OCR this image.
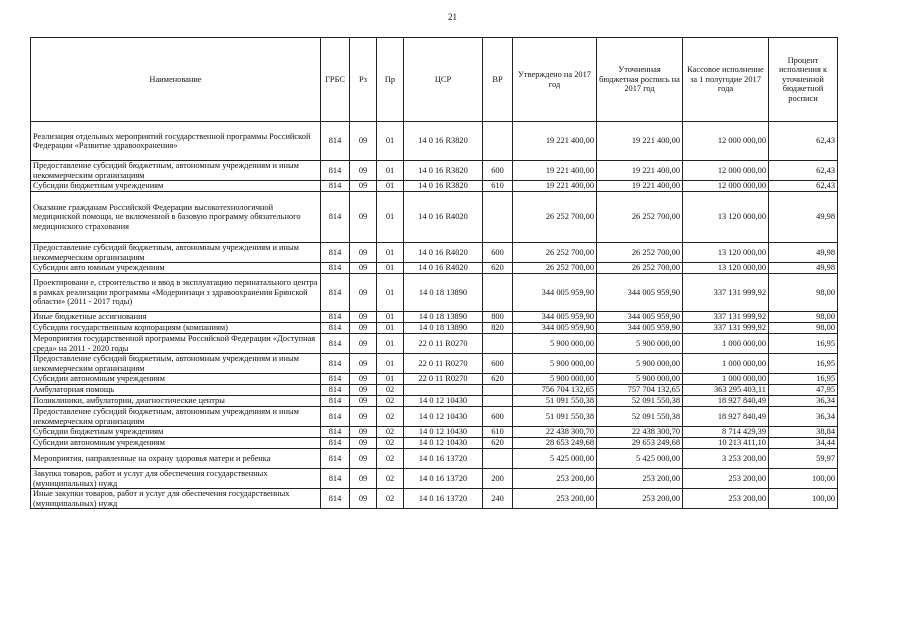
21
Наименование	ГРБС	Рз	Пр	ЦСР	ВР	Утверждено на 2017 год	Уточненная бюджетная роспись на 2017 год	Кассовое исполнение за 1 полугодие 2017 года	Процент исполнения к уточненной бюджетной росписи
Реализация отдельных мероприятий государственной программы Российской Федерации «Развитие здравоохранения»	814	09	01	14 0 16 R3820		19 221 400,00	19 221 400,00	12 000 000,00	62,43
Предоставление субсидий бюджетным, автономным учреждениям и иным некоммерческим организациям	814	09	01	14 0 16 R3820	600	19 221 400,00	19 221 400,00	12 000 000,00	62,43
Субсидии бюджетным учреждениям	814	09	01	14 0 16 R3820	610	19 221 400,00	19 221 400,00	12 000 000,00	62,43
Оказание гражданам Российской Федерации высокотехнологичной медицинской помощи, не включенной в базовую программу обязательного медицинского страхования	814	09	01	14 0 16 R4020		26 252 700,00	26 252 700,00	13 120 000,00	49,98
Предоставление субсидий бюджетным, автономным учреждениям и иным некоммерческим организациям	814	09	01	14 0 16 R4020	600	26 252 700,00	26 252 700,00	13 120 000,00	49,98
Субсидии авто юмным учреждениям	814	09	01	14 0 16 R4020	620	26 252 700,00	26 252 700,00	13 120 000,00	49,98
Проектировани е, строительство и ввод в эксплуатацию перинатального центра в рамках реализации программы «Модернизаци з здравоохранения Брянской области» (2011 - 2017 годы)	814	09	01	14 0 18 13890		344 005 959,90	344 005 959,90	337 131 999,92	98,00
Иные бюджетные ассигнования	814	09	01	14 0 18 13890	800	344 005 959,90	344 005 959,90	337 131 999,92	98,00
Субсидии государственным корпорациям (компаниям)	814	09	01	14 0 18 13890	820	344 005 959,90	344 005 959,90	337 131 999,92	98,00
Мероприятия государственной программы Российской Федерации «Доступная среда» на 2011 - 2020 годы	814	09	01	22 0 11 R0270		5 900 000,00	5 900 000,00	1 000 000,00	16,95
Предоставление субсидий бюджетным, автономным учреждениям и иным некоммерческим организациям	814	09	01	22 0 11 R0270	600	5 900 000,00	5 900 000,00	1 000 000,00	16,95
Субсидии автономным учреждениям	814	09	01	22 0 11 R0270	620	5 900 000,00	5 900 000,00	1 000 000,00	16,95
Амбулаторная помощь	814	09	02			756 704 132,65	757 704 132,65	363 295 403,11	47,95
Поликлиники, амбулатории, диагностические центры	814	09	02	14 0 12 10430		51 091 550,38	52 091 550,38	18 927 840,49	36,34
Предоставление субсидий бюджетным, автономным учреждениям и иным некоммерческим организациям	814	09	02	14 0 12 10430	600	51 091 550,38	52 091 550,38	18 927 840,49	36,34
Субсидии бюджетным учреждениям	814	09	02	14 0 12 10430	610	22 438 300,70	22 438 300,70	8 714 429,39	38,84
Субсидии автономным учреждениям	814	09	02	14 0 12 10430	620	28 653 249,68	29 653 249,68	10 213 411,10	34,44
Мероприятия, направленные на охрану здоровья матери и ребенка	814	09	02	14 0 16 13720		5 425 000,00	5 425 000,00	3 253 200,00	59,97
Закупка товаров, работ и услуг для обеспечения государственных (муниципальных) нужд	814	09	02	14 0 16 13720	200	253 200,00	253 200,00	253 200,00	100,00
Иные закупки товаров, работ и услуг для обеспечения государственных (муниципальных) нужд	814	09	02	14 0 16 13720	240	253 200,00	253 200,00	253 200,00	100,00
